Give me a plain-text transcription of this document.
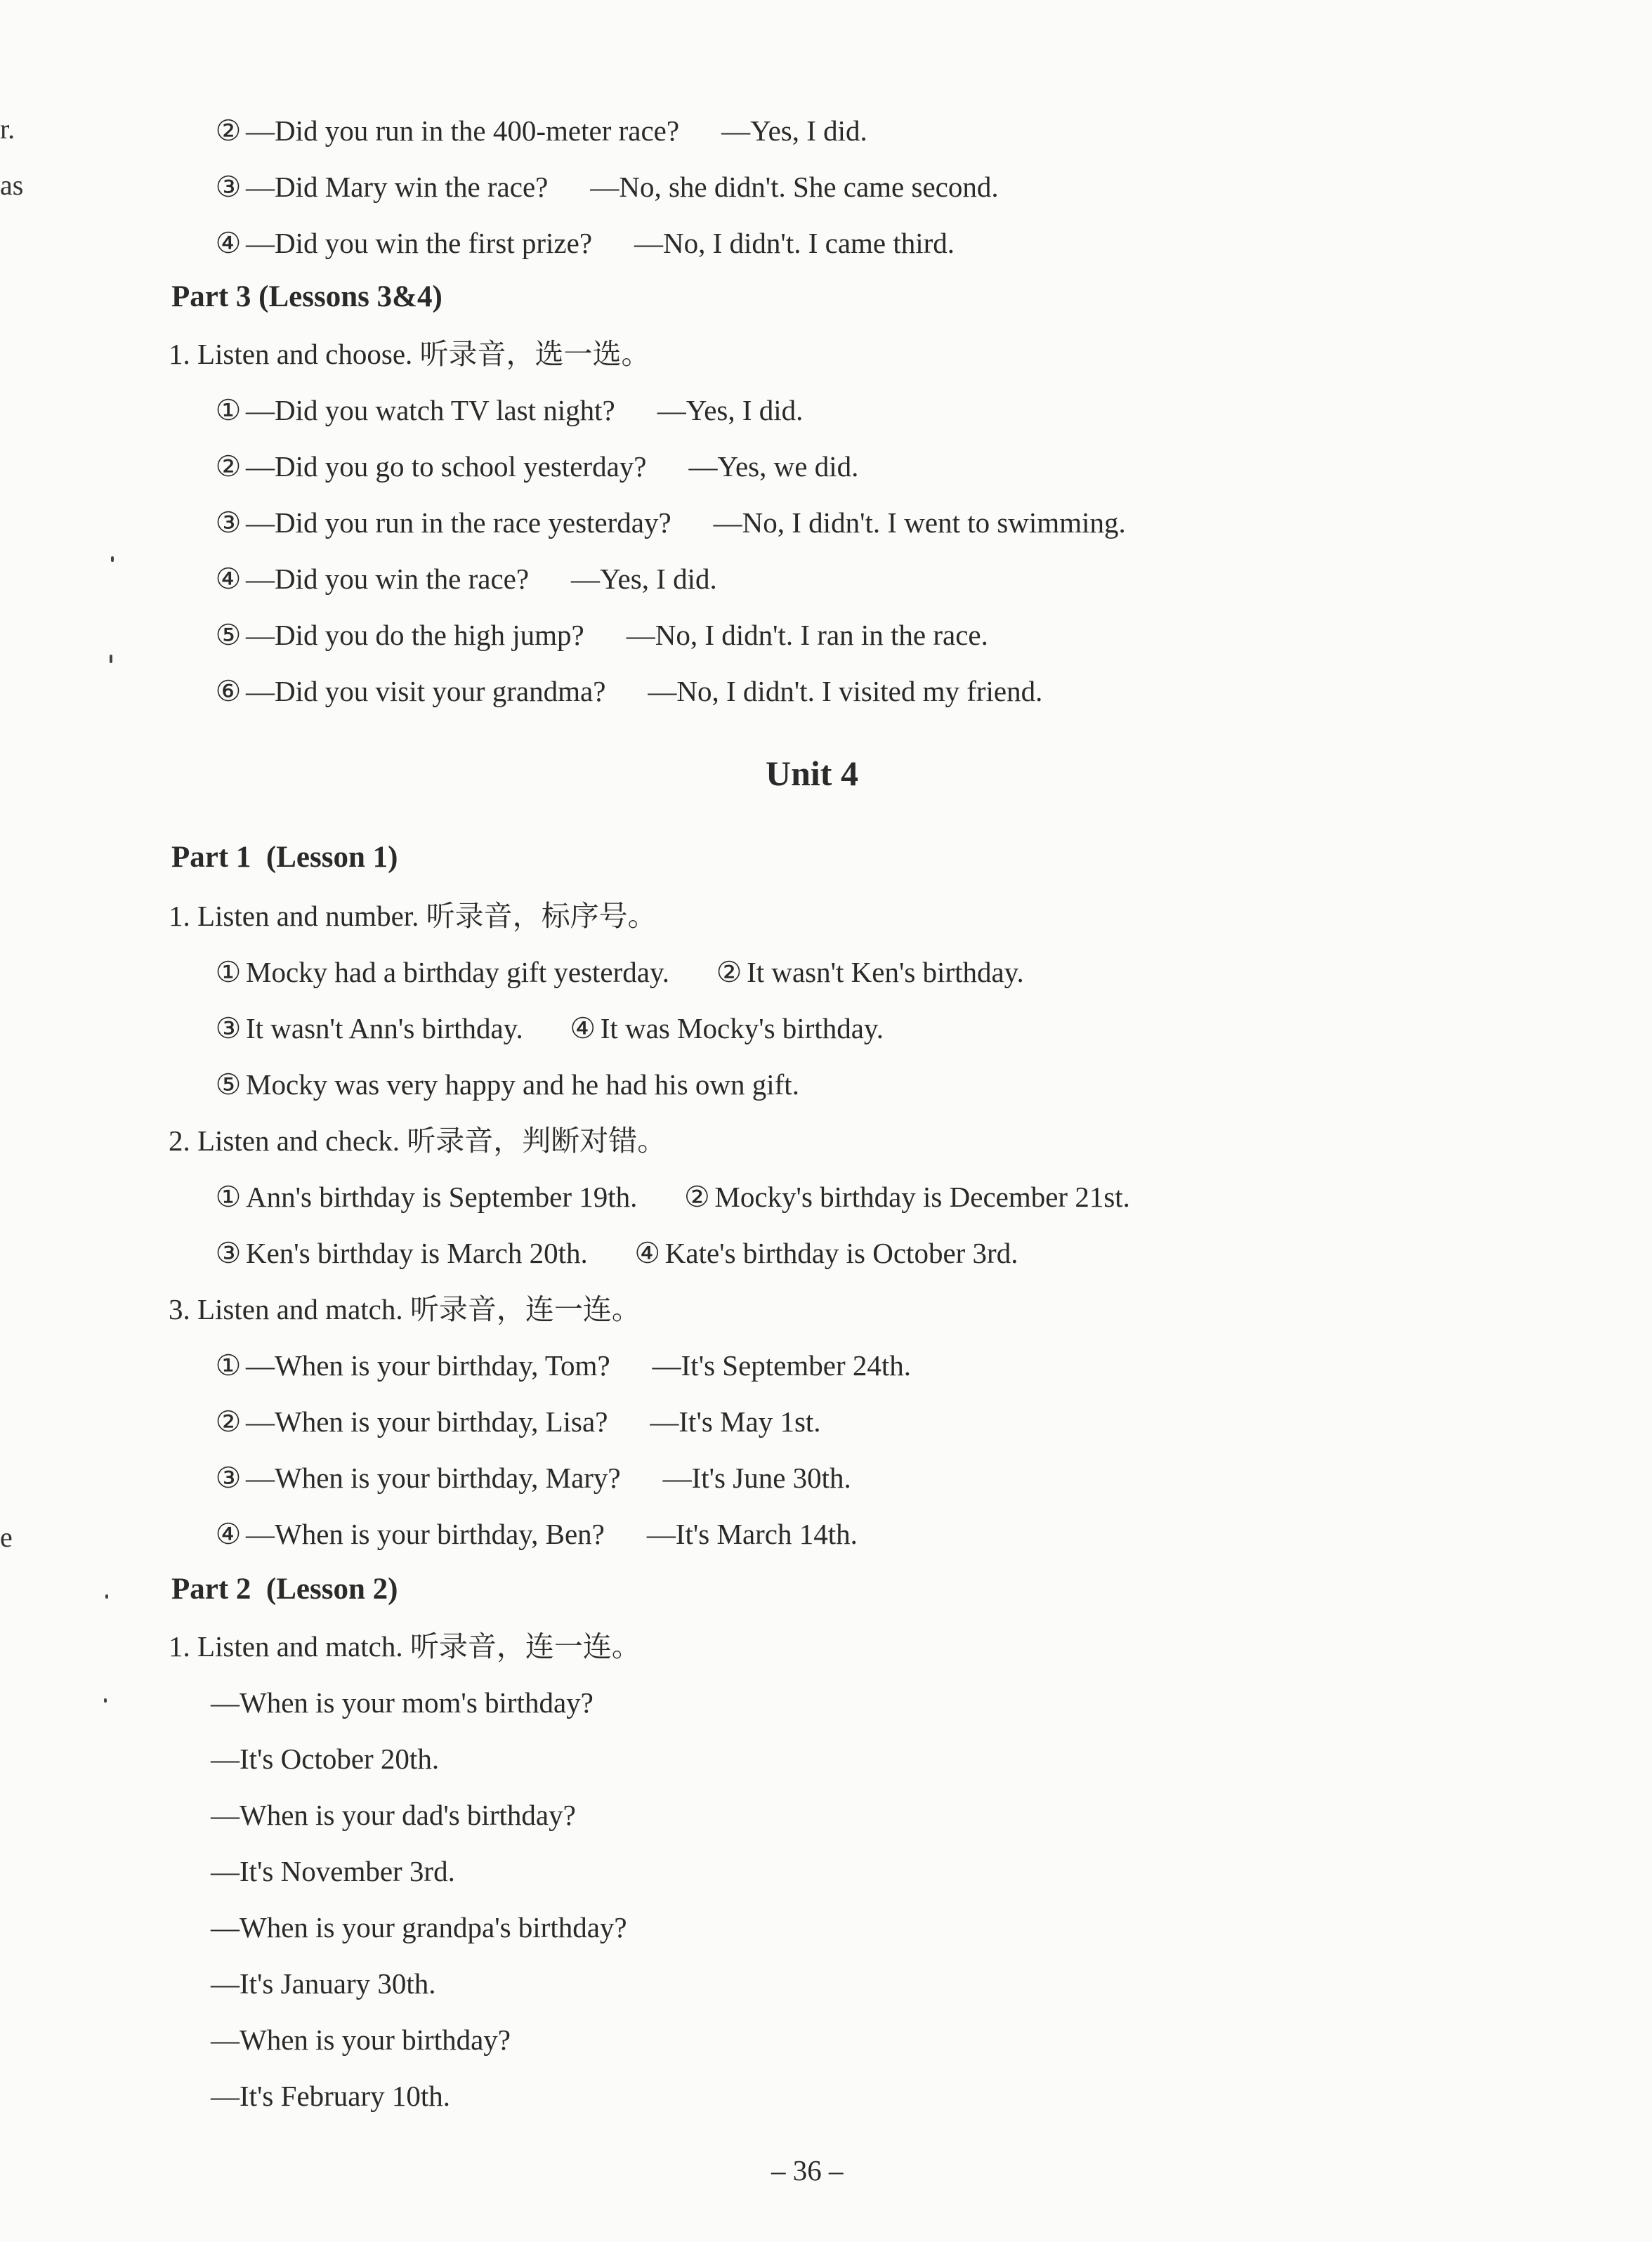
r.
as
e
② —Did you run in the 400-meter race? —Yes, I did.
③ —Did Mary win the race? —No, she didn't. She came second.
④ —Did you win the first prize? —No, I didn't. I came third.
Part 3 (Lessons 3&4)
1. Listen and choose. 听录音，选一选。
① —Did you watch TV last night? —Yes, I did.
② —Did you go to school yesterday? —Yes, we did.
③ —Did you run in the race yesterday? —No, I didn't. I went to swimming.
④ —Did you win the race? —Yes, I did.
⑤ —Did you do the high jump? —No, I didn't. I ran in the race.
⑥ —Did you visit your grandma? —No, I didn't. I visited my friend.
Unit 4
Part 1  (Lesson 1)
1. Listen and number. 听录音，标序号。
① Mocky had a birthday gift yesterday. ② It wasn't Ken's birthday.
③ It wasn't Ann's birthday. ④ It was Mocky's birthday.
⑤ Mocky was very happy and he had his own gift.
2. Listen and check. 听录音，判断对错。
① Ann's birthday is September 19th. ② Mocky's birthday is December 21st.
③ Ken's birthday is March 20th. ④ Kate's birthday is October 3rd.
3. Listen and match. 听录音，连一连。
① —When is your birthday, Tom? —It's September 24th.
② —When is your birthday, Lisa? —It's May 1st.
③ —When is your birthday, Mary? —It's June 30th.
④ —When is your birthday, Ben? —It's March 14th.
Part 2  (Lesson 2)
1. Listen and match. 听录音，连一连。
—When is your mom's birthday?
—It's October 20th.
—When is your dad's birthday?
—It's November 3rd.
—When is your grandpa's birthday?
—It's January 30th.
—When is your birthday?
—It's February 10th.
– 36 –
